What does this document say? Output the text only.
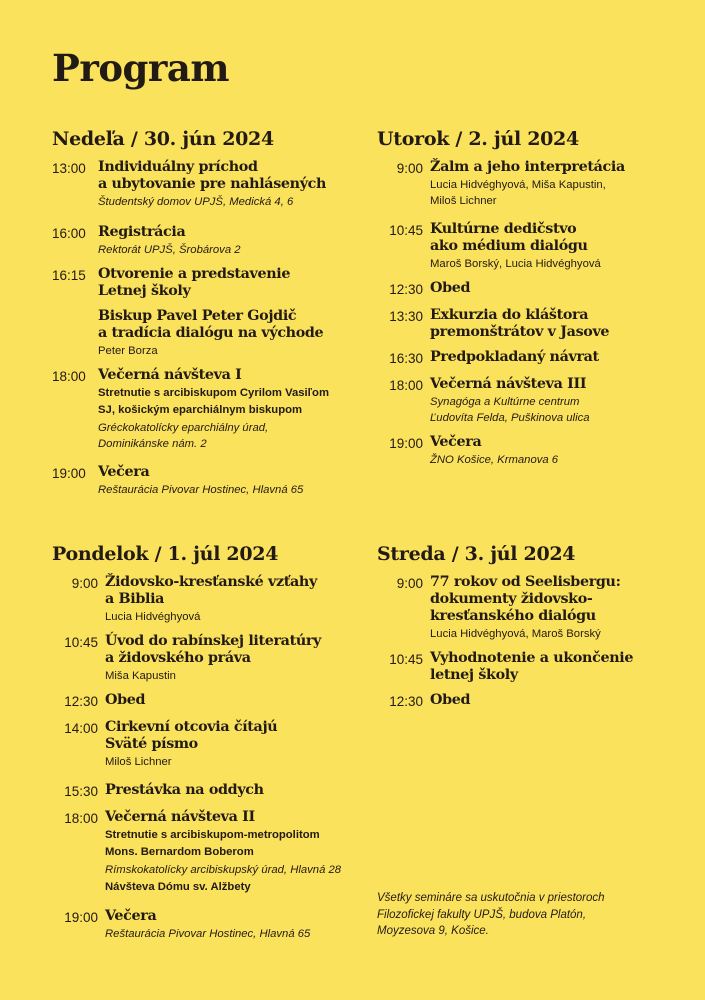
Program
Nedeľa / 30. jún 2024
13:00 Individuálny príchod
a ubytovanie pre nahlásených
Študentský domov UPJŠ, Medická 4, 6
16:00 Registrácia
Rektorát UPJŠ, Šrobárova 2
16:15 Otvorenie a predstavenie
Letnej školy
Biskup Pavel Peter Gojdič
a tradícia dialógu na východe
Peter Borza
18:00 Večerná návšteva I
Stretnutie s arcibiskupom Cyrilom Vasiľom
SJ, košickým eparchiálnym biskupom
Gréckokatolícky eparchiálny úrad,
Dominikánske nám. 2
19:00 Večera
Reštaurácia Pivovar Hostinec, Hlavná 65
Utorok / 2. júl 2024
9:00 Žalm a jeho interpretácia
Lucia Hidvéghyová, Miša Kapustin,
Miloš Lichner
10:45 Kultúrne dedičstvo
ako médium dialógu
Maroš Borský, Lucia Hidvéghyová
12:30 Obed
13:30 Exkurzia do kláštora
premonštrátov v Jasove
16:30 Predpokladaný návrat
18:00 Večerná návšteva III
Synagóga a Kultúrne centrum
Ľudovíta Felda, Puškinova ulica
19:00 Večera
ŽNO Košice, Krmanova 6
Pondelok / 1. júl 2024
9:00 Židovsko-kresťanské vzťahy
a Biblia
Lucia Hidvéghyová
10:45 Úvod do rabínskej literatúry
a židovského práva
Miša Kapustin
12:30 Obed
14:00 Cirkevní otcovia čítajú
Sväté písmo
Miloš Lichner
15:30 Prestávka na oddych
18:00 Večerná návšteva II
Stretnutie s arcibiskupom-metropolitom
Mons. Bernardom Boberom
Rímskokatolícky arcibiskupský úrad, Hlavná 28
Návšteva Dómu sv. Alžbety
19:00 Večera
Reštaurácia Pivovar Hostinec, Hlavná 65
Streda / 3. júl 2024
9:00 77 rokov od Seelisbergu:
dokumenty židovsko-
kresťanského dialógu
Lucia Hidvéghyová, Maroš Borský
10:45 Vyhodnotenie a ukončenie
letnej školy
12:30 Obed
Všetky semináre sa uskutočnia v priestoroch
Filozofickej fakulty UPJŠ, budova Platón,
Moyzesova 9, Košice.
